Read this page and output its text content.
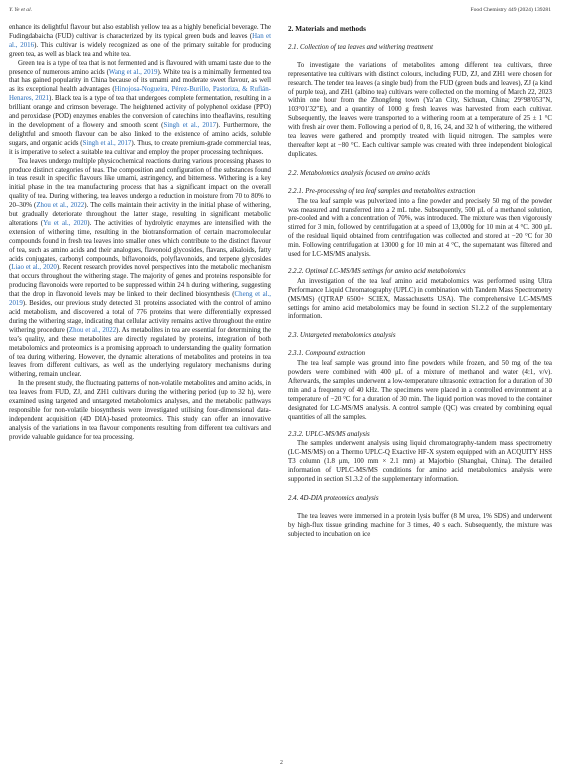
Y. Ye et al.	Food Chemistry 449 (2024) 139281

enhance its delightful flavour but also establish yellow tea as a highly beneficial beverage. The Fudingdabaicha (FUD) cultivar is characterized by its typical green buds and leaves (Han et al., 2016). This cultivar is widely recognized as one of the primary suitable for producing green tea, as well as black tea and white tea.

Green tea is a type of tea that is not fermented and is flavoured with umami taste due to the presence of numerous amino acids (Wang et al., 2019). White tea is a minimally fermented tea that has gained popularity in China because of its umami and moderate sweet flavour, as well as its exceptional health advantages (Hinojosa-Nogueira, Pérez-Burillo, Pastoriza, & Rufián-Henares, 2021). Black tea is a type of tea that undergoes complete fermentation, resulting in a brilliant orange and crimson beverage. The heightened activity of polyphenol oxidase (PPO) and peroxidase (POD) enzymes enables the conversion of catechins into theaflavins, resulting in the development of a flowery and smooth scent (Singh et al., 2017). Furthermore, the delightful and smooth flavour can be also linked to the existence of amino acids, soluble sugars, and organic acids (Singh et al., 2017). Thus, to create premium-grade commercial teas, it is imperative to select a suitable tea cultivar and employ the proper processing techniques.

Tea leaves undergo multiple physicochemical reactions during various processing phases to produce distinct categories of teas. The composition and configuration of the substances found in teas result in specific flavours like umami, astringency, and bitterness. Withering is a key initial phase in the tea manufacturing process that has a significant impact on the overall quality of tea. During withering, tea leaves undergo a reduction in moisture from 70 to 80% to 20–30% (Zhou et al., 2022). The cells maintain their activity in the initial phase of withering, but gradually deteriorate throughout the latter stage, resulting in significant metabolic alterations (Yu et al., 2020). The activities of hydrolytic enzymes are intensified with the extension of withering time, resulting in the biotransformation of certain macromolecular compounds found in fresh tea leaves into smaller ones which contribute to the distinct flavour of tea, such as amino acids and their analogues, flavonoid glycosides, flavans, alkaloids, fatty acids conjugates, carbonyl compounds, biflavonoids, polyflavonoids, and terpene glycosides (Liao et al., 2020). Recent research provides novel perspectives into the metabolic mechanism that occurs throughout the withering stage. The majority of genes and proteins responsible for producing flavonoids were reported to be suppressed within 24 h during withering, suggesting that the drop in flavonoid levels may be linked to their declined biosynthesis (Cheng et al., 2019). Besides, our previous study detected 31 proteins associated with the control of amino acid metabolism, and discovered a total of 776 proteins that were differentially expressed during the withering stage, indicating that cellular activity remains active throughout the entire withering procedure (Zhou et al., 2022). As metabolites in tea are essential for determining the tea’s quality, and these metabolites are directly regulated by proteins, integration of both metabolomics and proteomics is a promising approach to understanding the quality formation of tea during withering. However, the dynamic alterations of metabolites and proteins in tea leaves from different cultivars, as well as the underlying regulatory mechanisms during withering, remain unclear.

In the present study, the fluctuating patterns of non-volatile metabolites and amino acids, in tea leaves from FUD, ZJ, and ZH1 cultivars during the withering period (up to 32 h), were examined using targeted and untargeted metabolomics analyses, and the metabolic pathways responsible for non-volatile biosynthesis were investigated utilising four-dimensional data-independent acquisition (4D DIA)-based proteomics. This study can offer an innovative analysis of the variations in tea flavour components resulting from different tea cultivars and provide valuable guidance for tea processing.

2. Materials and methods
2.1. Collection of tea leaves and withering treatment

To investigate the variations of metabolites among different tea cultivars, three representative tea cultivars with distinct colours, including FUD, ZJ, and ZH1 were chosen for research. The tender tea leaves (a single bud) from the FUD (green buds and leaves), ZJ (a kind of purple tea), and ZH1 (albino tea) cultivars were collected on the morning of March 22, 2023 within one hour from the Zhongfeng town (Ya’an City, Sichuan, China; 29°98′053″N, 103°01′32″E), and a quantity of 1000 g fresh leaves was harvested from each cultivar. Subsequently, the leaves were transported to a withering room at a temperature of 25 ± 1 °C with fresh air over them. Following a period of 0, 8, 16, 24, and 32 h of withering, the withered tea leaves were gathered and promptly treated with liquid nitrogen. The samples were thereafter kept at −80 °C. Each cultivar sample was created with three independent biological duplicates.

2.2. Metabolomics analysis focused on amino acids
2.2.1. Pre-processing of tea leaf samples and metabolites extraction

The tea leaf sample was pulverized into a fine powder and precisely 50 mg of the powder was measured and transferred into a 2 mL tube. Subsequently, 500 μL of a methanol solution, pre-cooled and with a concentration of 70%, was introduced. The mixture was then vigorously stirred for 3 min, followed by centrifugation at a speed of 13,000g for 10 min at 4 °C. 300 μL of the residual liquid obtained from centrifugation was collected and stored at −20 °C for 30 min. Following centrifugation at 13000 g for 10 min at 4 °C, the supernatant was filtered and used for LC-MS/MS analysis.

2.2.2. Optimal LC-MS/MS settings for amino acid metabolomics

An investigation of the tea leaf amino acid metabolomics was performed using Ultra Performance Liquid Chromatography (UPLC) in combination with Tandem Mass Spectrometry (MS/MS) (QTRAP 6500+ SCIEX, Massachusetts USA). The comprehensive LC-MS/MS settings for amino acid metabolomics may be found in section S1.2.2 of the supplementary information.

2.3. Untargeted metabolomics analysis
2.3.1. Compound extraction

The tea leaf sample was ground into fine powders while frozen, and 50 mg of the tea powders were combined with 400 μL of a mixture of methanol and water (4:1, v/v). Afterwards, the samples underwent a low-temperature ultrasonic extraction for a duration of 30 min and a frequency of 40 kHz. The specimens were placed in a controlled environment at a temperature of −20 °C for a duration of 30 min. The liquid portion was moved to the container designated for LC-MS/MS analysis. A control sample (QC) was created by combining equal quantities of all the samples.

2.3.2. UPLC-MS/MS analysis

The samples underwent analysis using liquid chromatography-tandem mass spectrometry (LC-MS/MS) on a Thermo UPLC-Q Exactive HF-X system equipped with an ACQUITY HSS T3 column (1.8 μm, 100 mm × 2.1 mm) at Majorbio (Shanghai, China). The detailed information of UPLC-MS/MS conditions for amino acid metabolomics analysis were supported in section S1.3.2 of the supplementary information.

2.4. 4D-DIA proteomics analysis

The tea leaves were immersed in a protein lysis buffer (8 M urea, 1% SDS) and underwent by high-flux tissue grinding machine for 3 times, 40 s each. Subsequently, the mixture was subjected to incubation on ice

2
